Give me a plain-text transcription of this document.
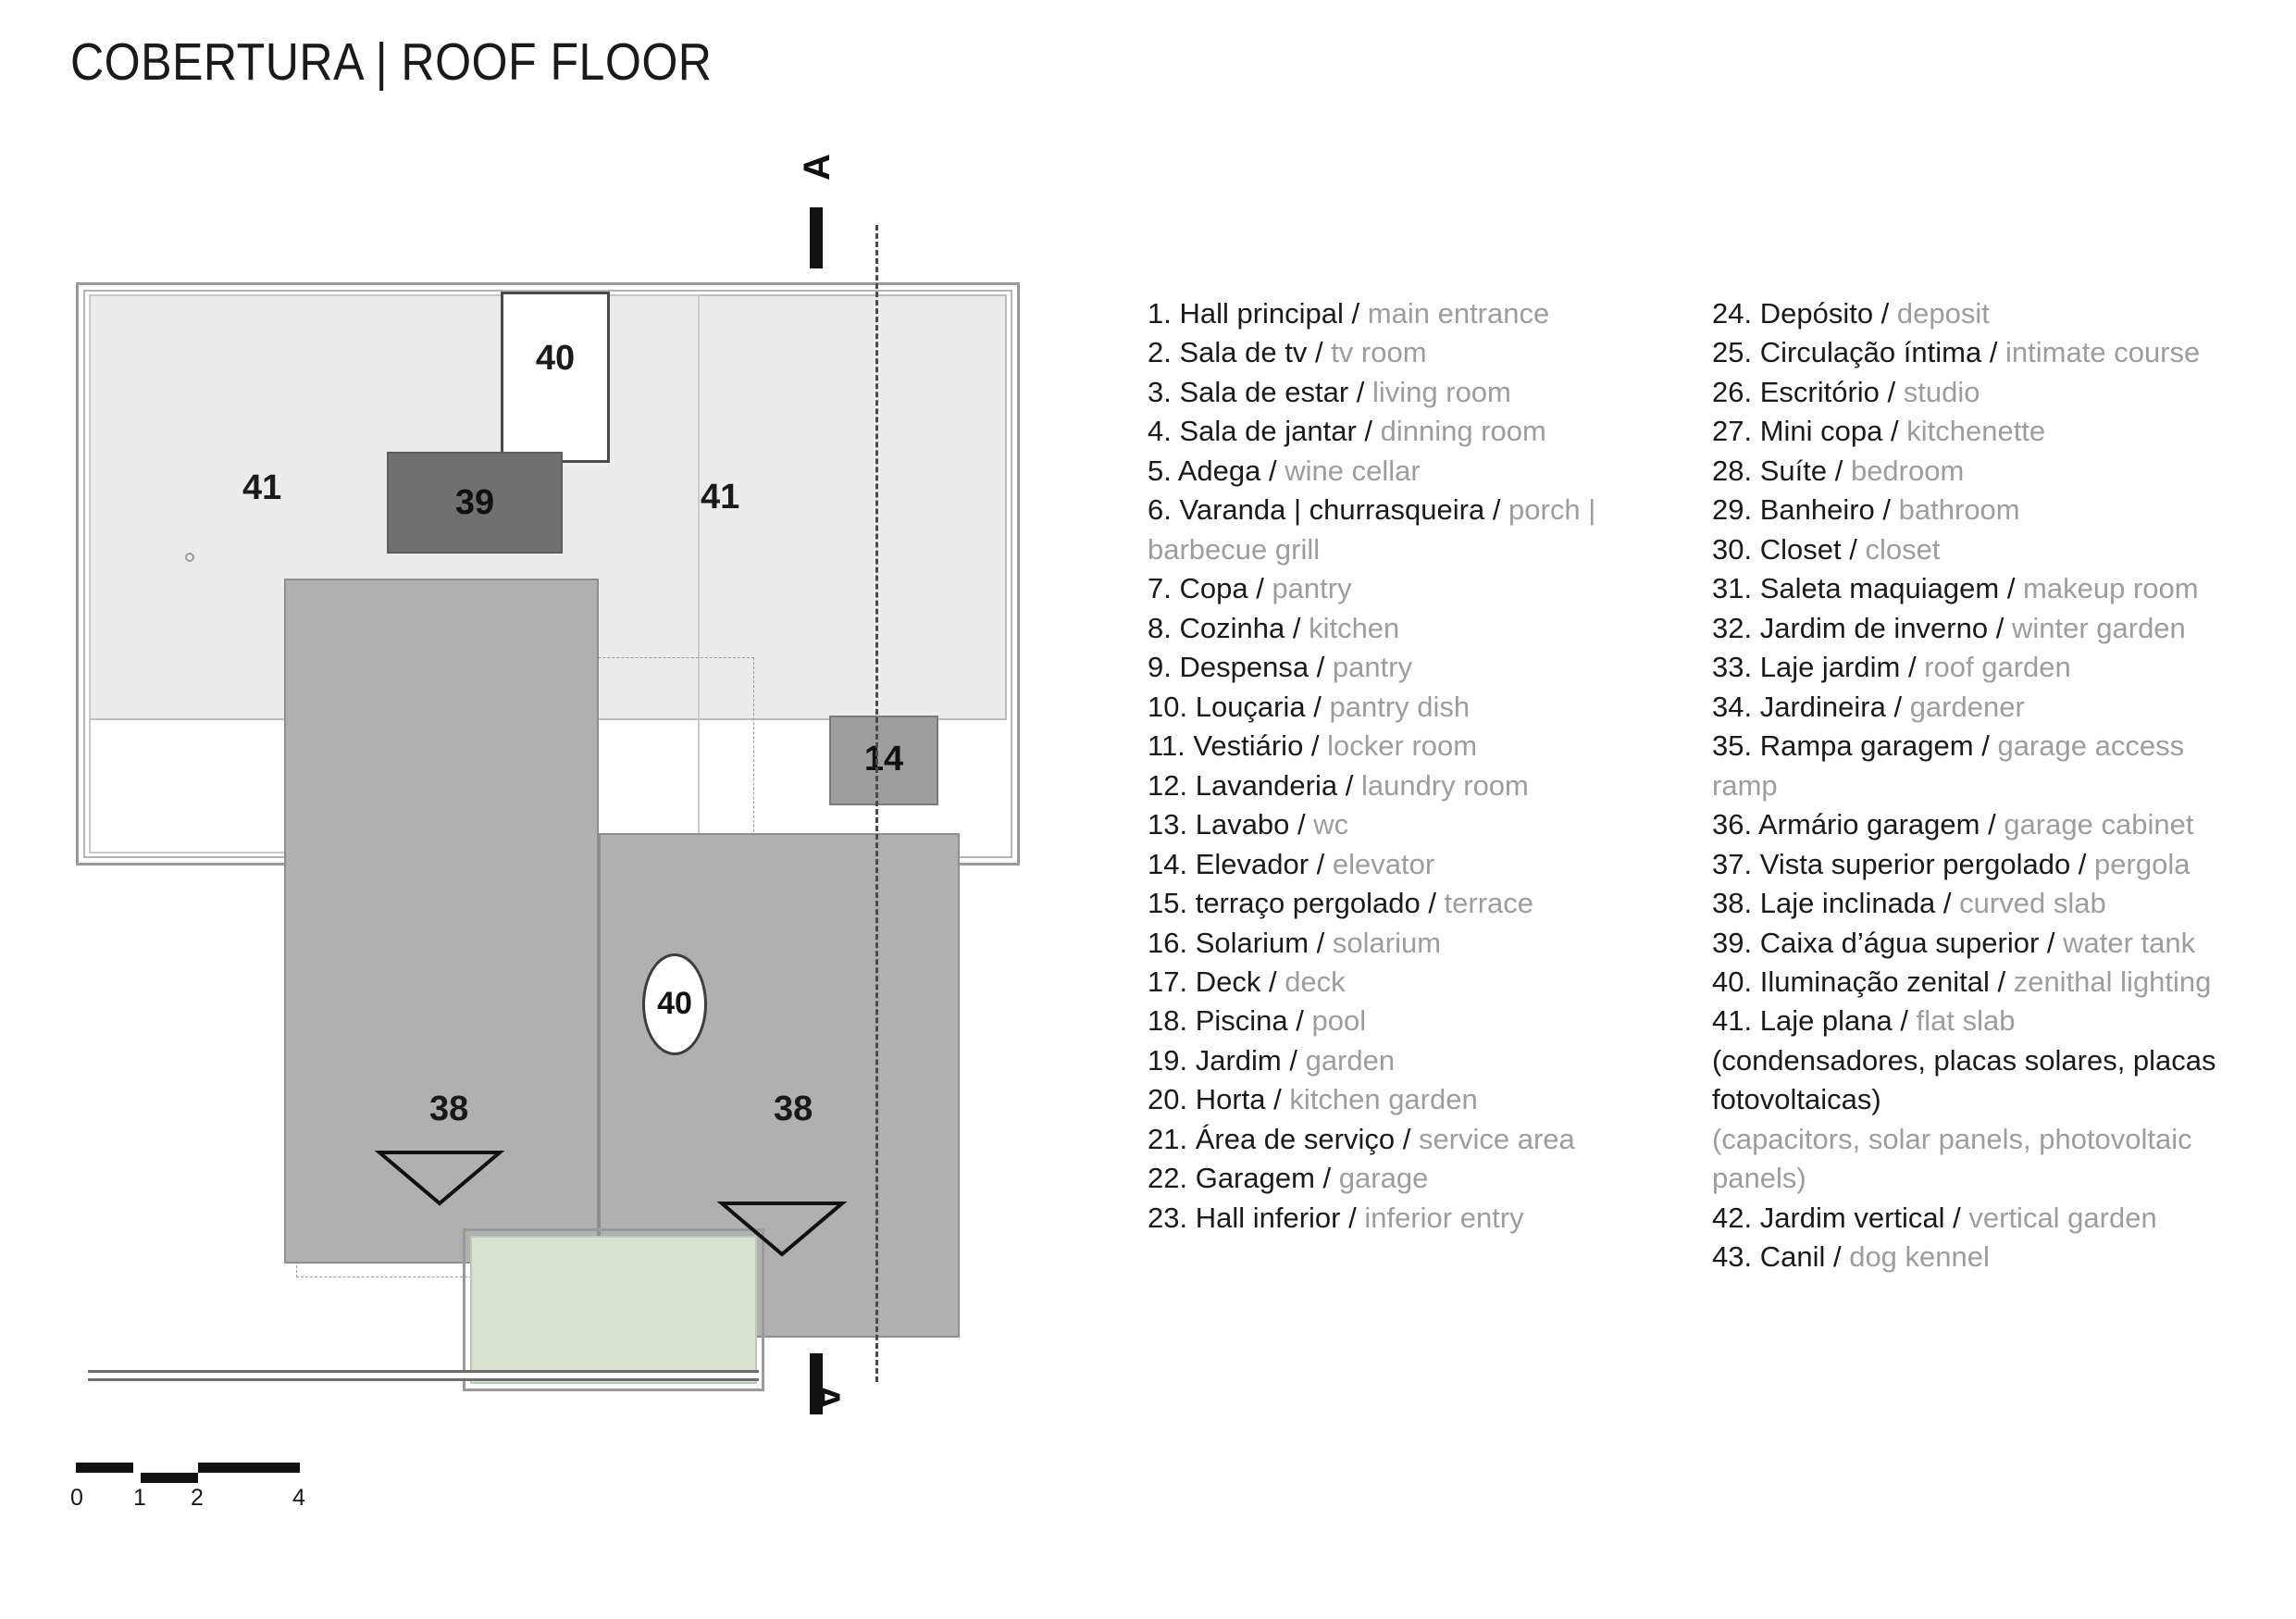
COBERTURA | ROOF FLOOR
40
39
14
40
41	41
38	38
A
A
0 1 2	4
1. Hall principal / main entrance
2. Sala de tv / tv room
3. Sala de estar / living room
4. Sala de jantar / dinning room
5. Adega / wine cellar
6. Varanda | churrasqueira / porch | barbecue grill
7. Copa / pantry
8. Cozinha / kitchen
9. Despensa / pantry
10. Louçaria / pantry dish
11. Vestiário / locker room
12. Lavanderia / laundry room
13. Lavabo / wc
14. Elevador / elevator
15. terraço pergolado / terrace
16. Solarium / solarium
17. Deck / deck
18. Piscina / pool
19. Jardim / garden
20. Horta / kitchen garden
21. Área de serviço / service area
22. Garagem / garage
23. Hall inferior / inferior entry
24. Depósito / deposit
25. Circulação íntima / intimate course
26. Escritório / studio
27. Mini copa / kitchenette
28. Suíte / bedroom
29. Banheiro / bathroom
30. Closet / closet
31. Saleta maquiagem / makeup room
32. Jardim de inverno / winter garden
33. Laje jardim / roof garden
34. Jardineira / gardener
35. Rampa garagem / garage access ramp
36. Armário garagem / garage cabinet
37. Vista superior pergolado / pergola
38. Laje inclinada / curved slab
39. Caixa d’água superior / water tank
40. Iluminação zenital / zenithal lighting
41. Laje plana / flat slab
(condensadores, placas solares, placas fotovoltaicas)
(capacitors, solar panels, photovoltaic panels)
42. Jardim vertical / vertical garden
43. Canil / dog kennel
